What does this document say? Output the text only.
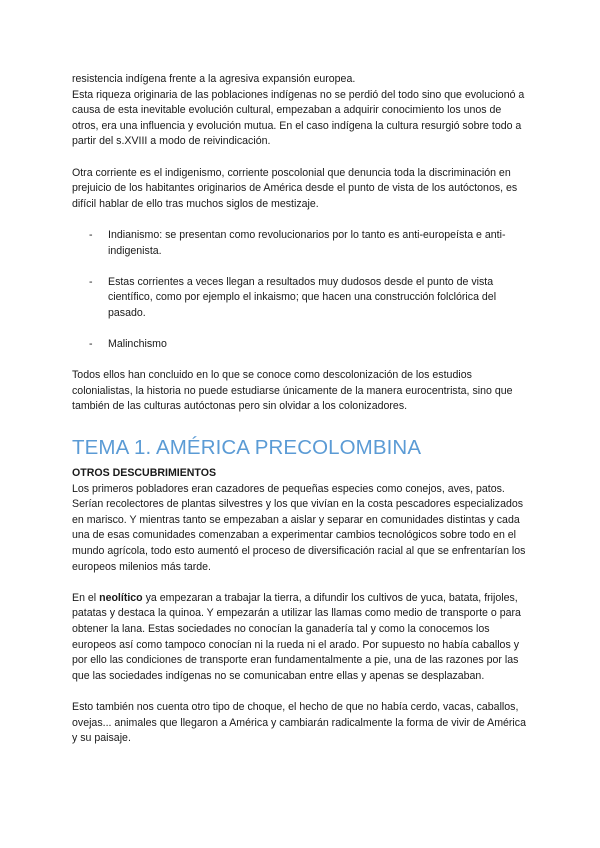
resistencia indígena frente a la agresiva expansión europea.

Esta riqueza originaria de las poblaciones indígenas no se perdió del todo sino que evolucionó a causa de esta inevitable evolución cultural, empezaban a adquirir conocimiento los unos de otros, era una influencia y evolución mutua. En el caso indígena la cultura resurgió sobre todo a partir del s.XVIII a modo de reivindicación.

Otra corriente es el indigenismo, corriente poscolonial que denuncia toda la discriminación en prejuicio de los habitantes originarios de América desde el punto de vista de los autóctonos, es difícil hablar de ello tras muchos siglos de mestizaje.

- Indianismo: se presentan como revolucionarios por lo tanto es anti-europeísta e anti-indigenista.
- Estas corrientes a veces llegan a resultados muy dudosos desde el punto de vista científico, como por ejemplo el inkaismo; que hacen una construcción folclórica del pasado.
- Malinchismo

Todos ellos han concluido en lo que se conoce como descolonización de los estudios colonialistas, la historia no puede estudiarse únicamente de la manera eurocentrista, sino que también de las culturas autóctonas pero sin olvidar a los colonizadores.

TEMA 1. AMÉRICA PRECOLOMBINA
OTROS DESCUBRIMIENTOS

Los primeros pobladores eran cazadores de pequeñas especies como conejos, aves, patos. Serían recolectores de plantas silvestres y los que vivían en la costa pescadores especializados en marisco. Y mientras tanto se empezaban a aislar y separar en comunidades distintas y cada una de esas comunidades comenzaban a experimentar cambios tecnológicos sobre todo en el mundo agrícola, todo esto aumentó el proceso de diversificación racial al que se enfrentarían los europeos milenios más tarde.

En el neolítico ya empezaran a trabajar la tierra, a difundir los cultivos de yuca, batata, frijoles, patatas y destaca la quinoa. Y empezarán a utilizar las llamas como medio de transporte o para obtener la lana. Estas sociedades no conocían la ganadería tal y como la conocemos los europeos así como tampoco conocían ni la rueda ni el arado. Por supuesto no había caballos y por ello las condiciones de transporte eran fundamentalmente a pie, una de las razones por las que las sociedades indígenas no se comunicaban entre ellas y apenas se desplazaban.

Esto también nos cuenta otro tipo de choque, el hecho de que no había cerdo, vacas, caballos, ovejas... animales que llegaron a América y cambiarán radicalmente la forma de vivir de América y su paisaje.
